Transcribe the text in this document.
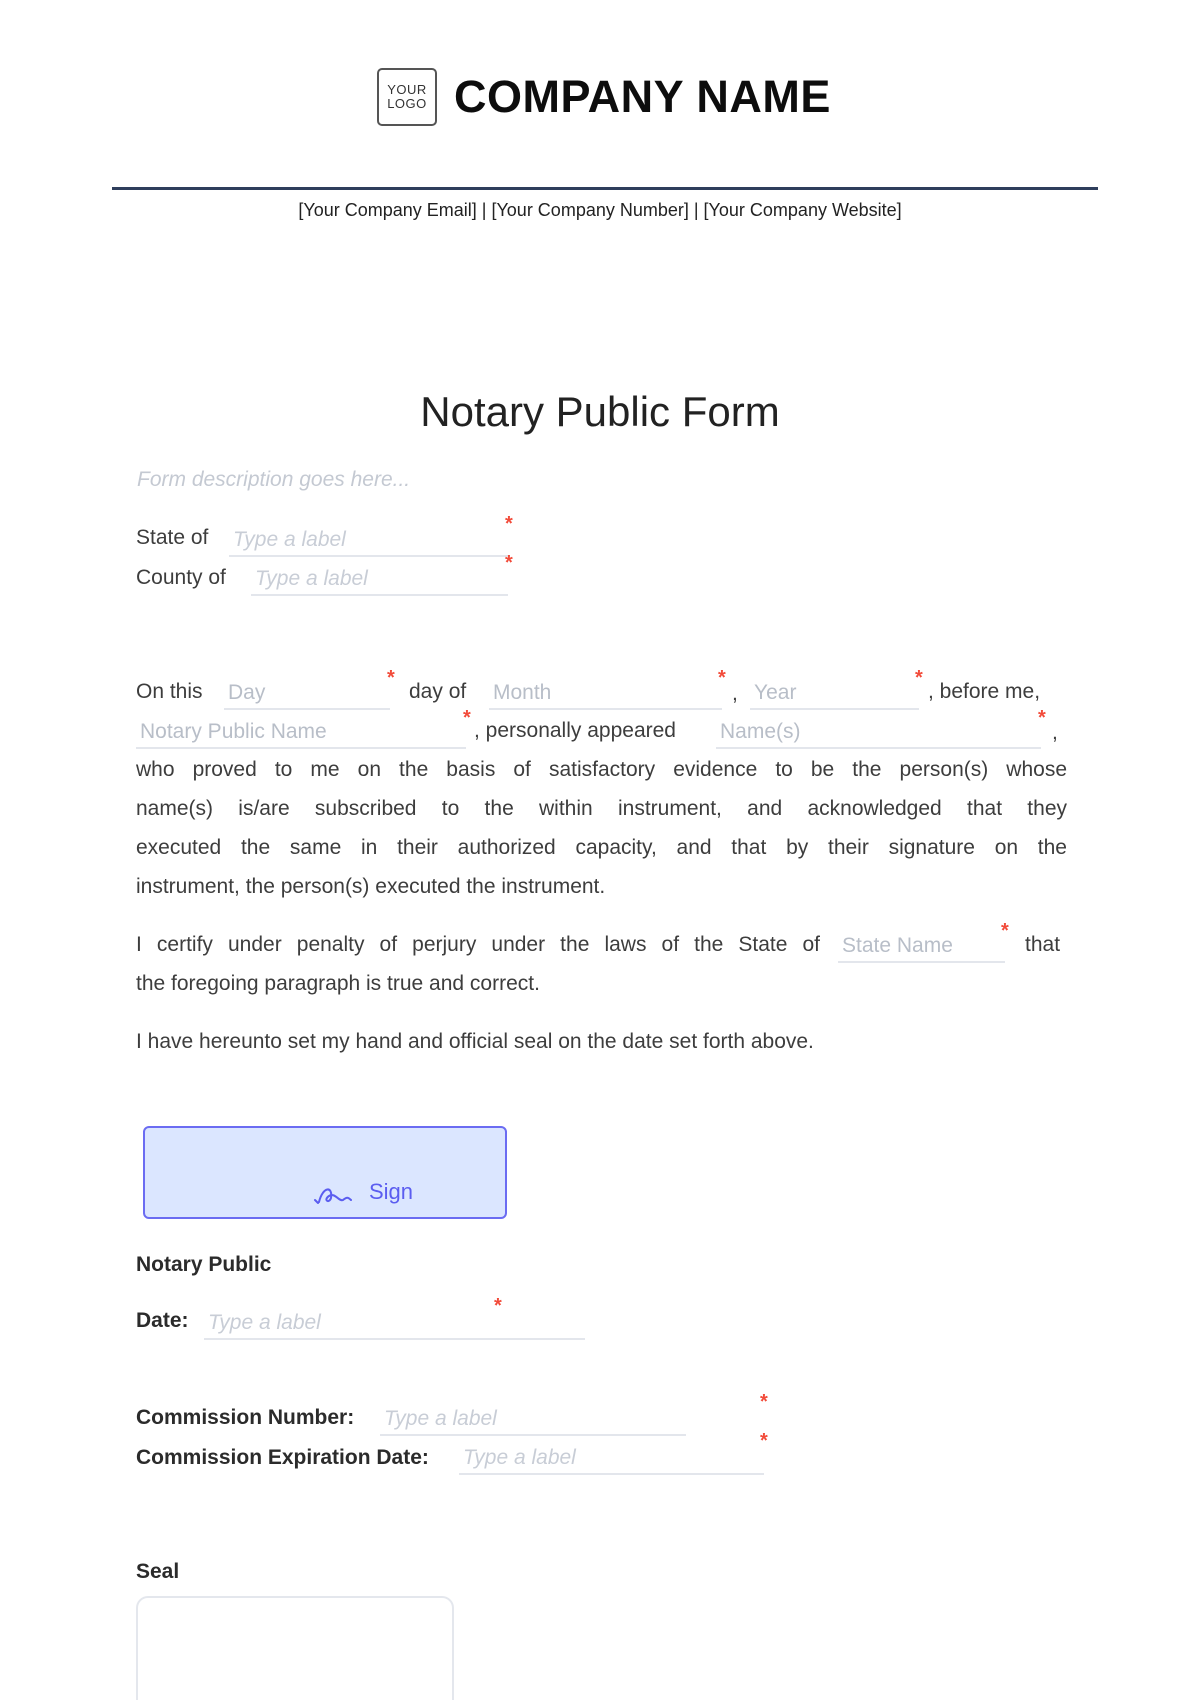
YOUR
LOGO COMPANY NAME
[Your Company Email] | [Your Company Number] | [Your Company Website]
Notary Public Form
Form description goes here...
State of Type a label
*
County of Type a label
*
On this Day
*
day of Month
*
, Year
*
, before me,
Notary Public Name
*
, personally appeared Name(s)
*
,
who proved to me on the basis of satisfactory evidence to be the person(s) whose
name(s) is/are subscribed to the within instrument, and acknowledged that they
executed the same in their authorized capacity, and that by their signature on the
instrument, the person(s) executed the instrument.
I certify under penalty of perjury under the laws of the State of State Name
*
that
the foregoing paragraph is true and correct.
I have hereunto set my hand and official seal on the date set forth above.
Sign
Notary Public
Date: Type a label
*
Commission Number: Type a label
*
Commission Expiration Date: Type a label
*
Seal
